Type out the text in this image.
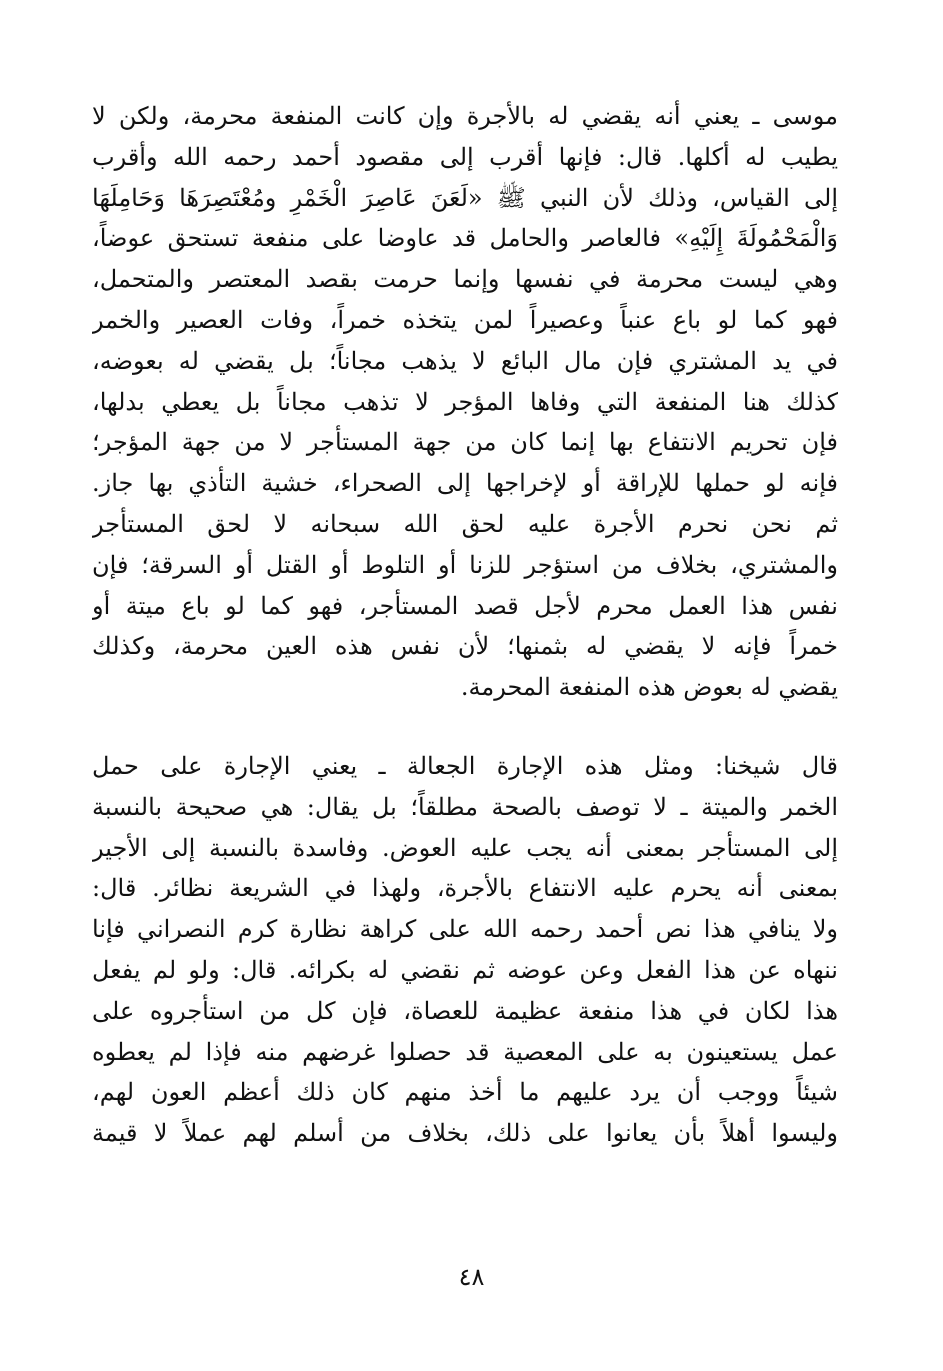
موسى ـ يعني أنه يقضي له بالأجرة وإن كانت المنفعة محرمة، ولكن لا
يطيب له أكلها. قال: فإنها أقرب إلى مقصود أحمد رحمه الله وأقرب
إلى القياس، وذلك لأن النبي ﷺ «لَعَنَ عَاصِرَ الْخَمْرِ ومُعْتَصِرَهَا وَحَامِلَهَا
وَالْمَحْمُولَةَ إِلَيْهِ» فالعاصر والحامل قد عاوضا على منفعة تستحق عوضاً،
وهي ليست محرمة في نفسها وإنما حرمت بقصد المعتصر والمتحمل،
فهو كما لو باع عنباً وعصيراً لمن يتخذه خمراً، وفات العصير والخمر
في يد المشتري فإن مال البائع لا يذهب مجاناً؛ بل يقضي له بعوضه،
كذلك هنا المنفعة التي وفاها المؤجر لا تذهب مجاناً بل يعطي بدلها،
فإن تحريم الانتفاع بها إنما كان من جهة المستأجر لا من جهة المؤجر؛
فإنه لو حملها للإراقة أو لإخراجها إلى الصحراء، خشية التأذي بها جاز.
ثم نحن نحرم الأجرة عليه لحق الله سبحانه لا لحق المستأجر
والمشتري، بخلاف من استؤجر للزنا أو التلوط أو القتل أو السرقة؛ فإن
نفس هذا العمل محرم لأجل قصد المستأجر، فهو كما لو باع ميتة أو
خمراً فإنه لا يقضي له بثمنها؛ لأن نفس هذه العين محرمة، وكذلك
يقضي له بعوض هذه المنفعة المحرمة.
قال شيخنا: ومثل هذه الإجارة الجعالة ـ يعني الإجارة على حمل
الخمر والميتة ـ لا توصف بالصحة مطلقاً؛ بل يقال: هي صحيحة بالنسبة
إلى المستأجر بمعنى أنه يجب عليه العوض. وفاسدة بالنسبة إلى الأجير
بمعنى أنه يحرم عليه الانتفاع بالأجرة، ولهذا في الشريعة نظائر. قال:
ولا ينافي هذا نص أحمد رحمه الله على كراهة نظارة كرم النصراني فإنا
ننهاه عن هذا الفعل وعن عوضه ثم نقضي له بكرائه. قال: ولو لم يفعل
هذا لكان في هذا منفعة عظيمة للعصاة، فإن كل من استأجروه على
عمل يستعينون به على المعصية قد حصلوا غرضهم منه فإذا لم يعطوه
شيئاً ووجب أن يرد عليهم ما أخذ منهم كان ذلك أعظم العون لهم،
وليسوا أهلاً بأن يعانوا على ذلك، بخلاف من أسلم لهم عملاً لا قيمة
٤٨
